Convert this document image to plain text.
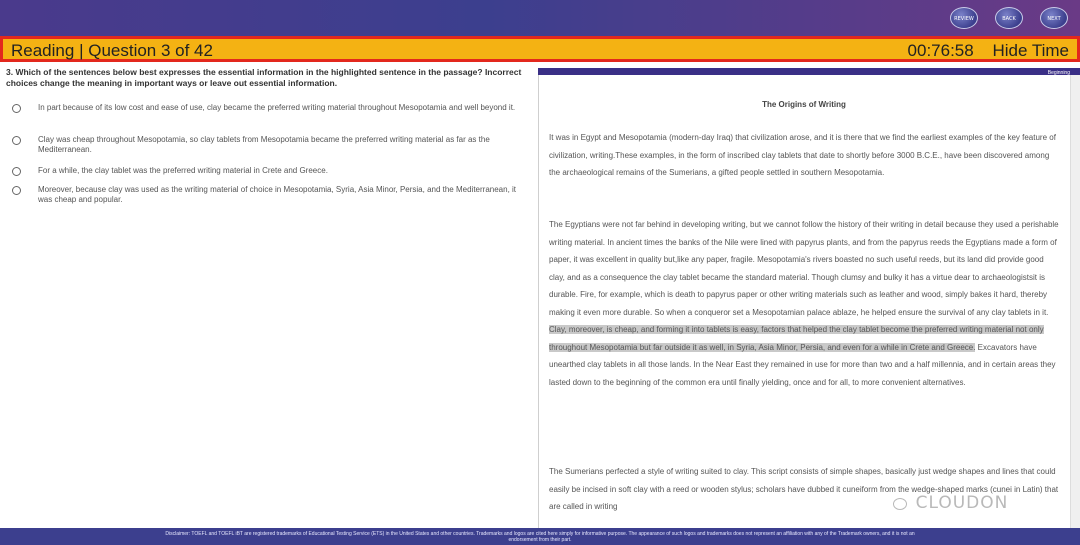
REVIEW	BACK	NEXT
Reading | Question 3 of 42	00:76:58 Hide Time
3. Which of the sentences below best expresses the essential information in the highlighted sentence in the passage? Incorrect choices change the meaning in important ways or leave out essential information.
In part because of its low cost and ease of use, clay became the preferred writing material throughout Mesopotamia and well beyond it.
Clay was cheap throughout Mesopotamia, so clay tablets from Mesopotamia became the preferred writing material as far as the Mediterranean.
For a while, the clay tablet was the preferred writing material in Crete and Greece.
Moreover, because clay was used as the writing material of choice in Mesopotamia, Syria, Asia Minor, Persia, and the Mediterranean, it was cheap and popular.
Beginning
The Origins of Writing
It was in Egypt and Mesopotamia (modern-day Iraq) that civilization arose, and it is there that we find the earliest examples of the key feature of civilization, writing.These examples, in the form of inscribed clay tablets that date to shortly before 3000 B.C.E., have been discovered among the archaeological remains of the Sumerians, a gifted people settled in southern Mesopotamia.
The Egyptians were not far behind in developing writing, but we cannot follow the history of their writing in detail because they used a perishable writing material. In ancient times the banks of the Nile were lined with papyrus plants, and from the papyrus reeds the Egyptians made a form of paper, it was excellent in quality but,like any paper, fragile. Mesopotamia's rivers boasted no such useful reeds, but its land did provide good clay, and as a consequence the clay tablet became the standard material. Though clumsy and bulky it has a virtue dear to archaeologistsit is durable. Fire, for example, which is death to papyrus paper or other writing materials such as leather and wood, simply bakes it hard, thereby making it even more durable. So when a conqueror set a Mesopotamian palace ablaze, he helped ensure the survival of any clay tablets in it. Clay, moreover, is cheap, and forming it into tablets is easy, factors that helped the clay tablet become the preferred writing material not only throughout Mesopotamia but far outside it as well, in Syria, Asia Minor, Persia, and even for a while in Crete and Greece. Excavators have unearthed clay tablets in all those lands. In the Near East they remained in use for more than two and a half millennia, and in certain areas they lasted down to the beginning of the common era until finally yielding, once and for all, to more convenient alternatives.
The Sumerians perfected a style of writing suited to clay. This script consists of simple shapes, basically just wedge shapes and lines that could easily be incised in soft clay with a reed or wooden stylus; scholars have dubbed it cuneiform from the wedge-shaped marks (cunei in Latin) that are called in writing	CLOUDON
Disclaimer: TOEFL and TOEFL iBT are registered trademarks of Educational Testing Service (ETS) in the United States and other countries. Trademarks and logos are cited here simply for informative purpose. The appearance of such logos and trademarks does not represent an affiliation with any of the Trademark owners, and it is not an endorsement from their part.
